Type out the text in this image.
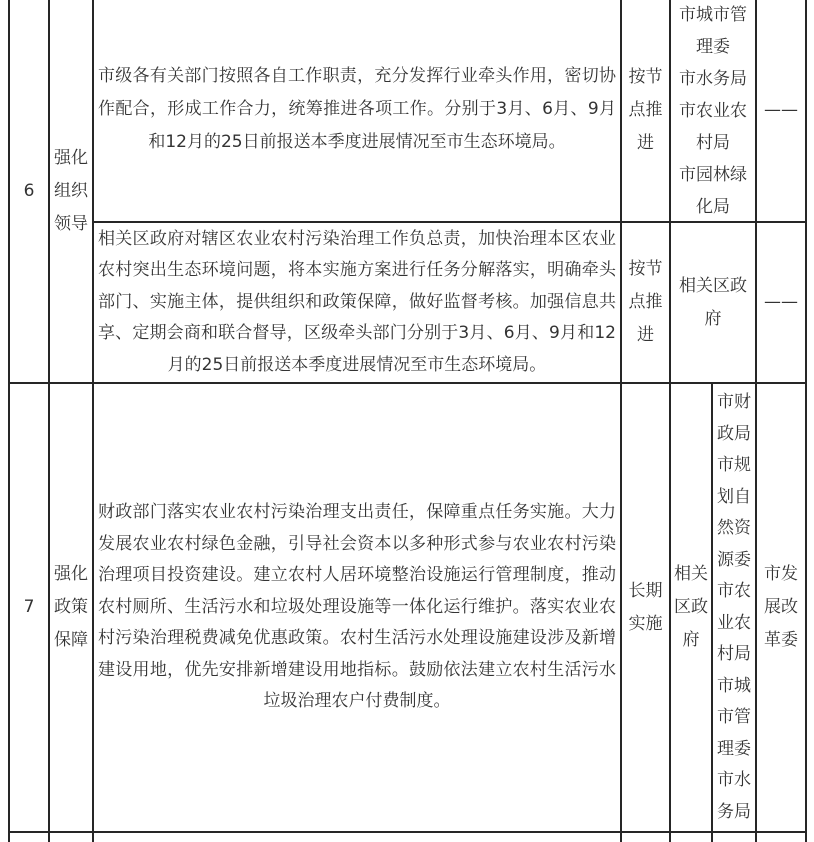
6
强化
组织
领导
市级各有关部门按照各自工作职责，充分发挥行业牵头作用，密切协作配合，形成工作合力，统筹推进各项工作。分别于3月、6月、9月和12月的25日前报送本季度进展情况至市生态环境局。
按节
点推
进
市城市管
理委
市水务局
市农业农
村局
市园林绿
化局
——
相关区政府对辖区农业农村污染治理工作负总责，加快治理本区农业农村突出生态环境问题，将本实施方案进行任务分解落实，明确牵头部门、实施主体，提供组织和政策保障，做好监督考核。加强信息共享、定期会商和联合督导，区级牵头部门分别于3月、6月、9月和12月的25日前报送本季度进展情况至市生态环境局。
按节
点推
进
相关区政
府
——
7
强化
政策
保障
财政部门落实农业农村污染治理支出责任，保障重点任务实施。大力发展农业农村绿色金融，引导社会资本以多种形式参与农业农村污染治理项目投资建设。建立农村人居环境整治设施运行管理制度，推动农村厕所、生活污水和垃圾处理设施等一体化运行维护。落实农业农村污染治理税费减免优惠政策。农村生活污水处理设施建设涉及新增建设用地，优先安排新增建设用地指标。鼓励依法建立农村生活污水垃圾治理农户付费制度。
长期
实施
相关
区政
府
市财
政局
市规
划自
然资
源委
市农
业农
村局
市城
市管
理委
市水
务局
市发
展改
革委
